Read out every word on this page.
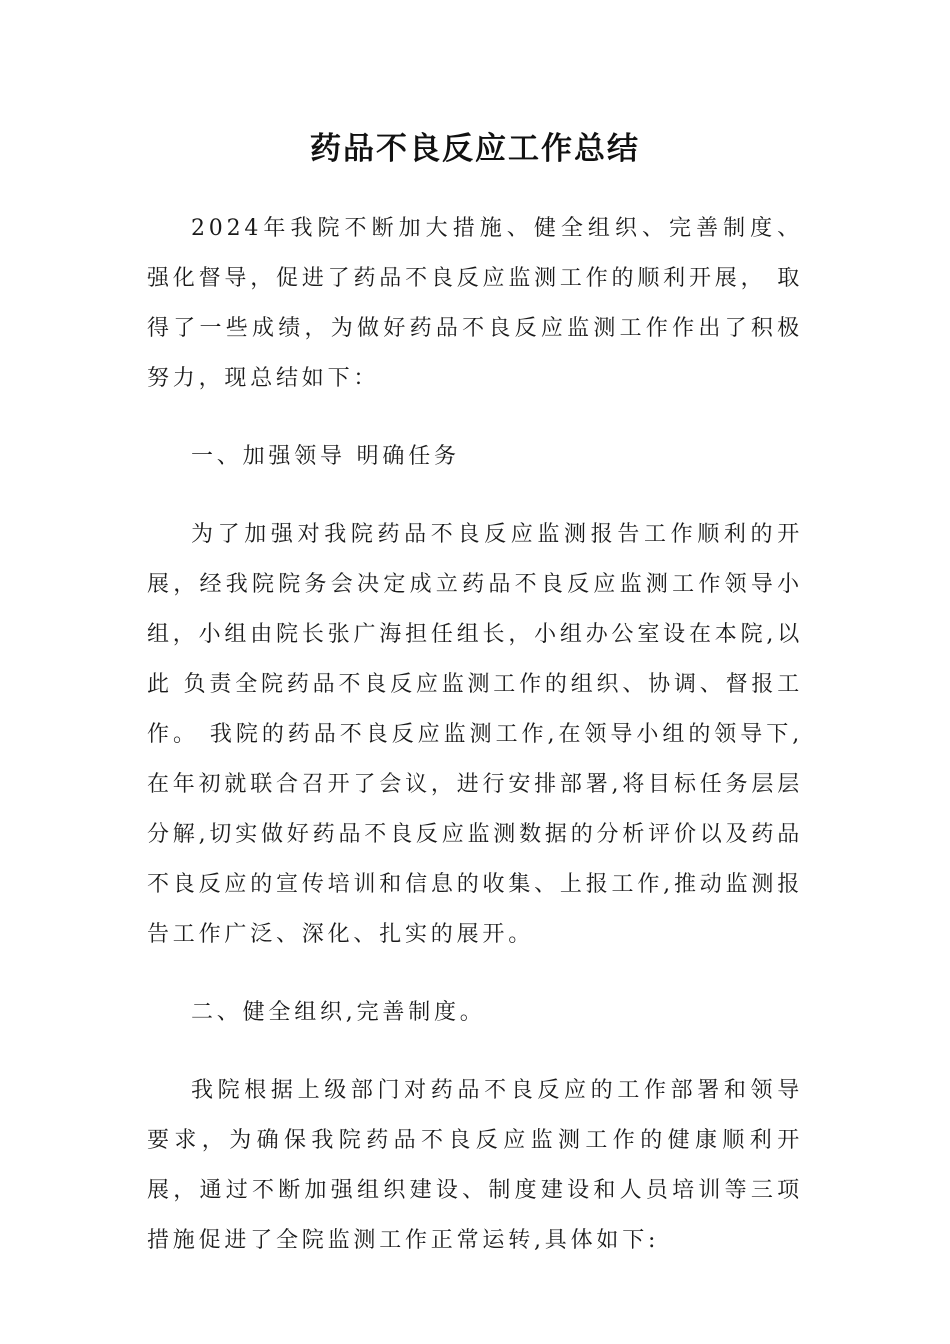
药品不良反应工作总结

2024年我院不断加大措施、健全组织、完善制度、强化督导，促进了药品不良反应监测工作的顺利开展， 取得了一些成绩，为做好药品不良反应监测工作作出了积极努力，现总结如下：

一、加强领导 明确任务

为了加强对我院药品不良反应监测报告工作顺利的开展，经我院院务会决定成立药品不良反应监测工作领导小组，小组由院长张广海担任组长，小组办公室设在本院,以此 负责全院药品不良反应监测工作的组织、协调、督报工作。 我院的药品不良反应监测工作,在领导小组的领导下,在年初就联合召开了会议，进行安排部署,将目标任务层层分解,切实做好药品不良反应监测数据的分析评价以及药品不良反应的宣传培训和信息的收集、上报工作,推动监测报告工作广泛、深化、扎实的展开。

二、健全组织,完善制度。

我院根据上级部门对药品不良反应的工作部署和领导要求，为确保我院药品不良反应监测工作的健康顺利开展，通过不断加强组织建设、制度建设和人员培训等三项措施促进了全院监测工作正常运转,具体如下:
